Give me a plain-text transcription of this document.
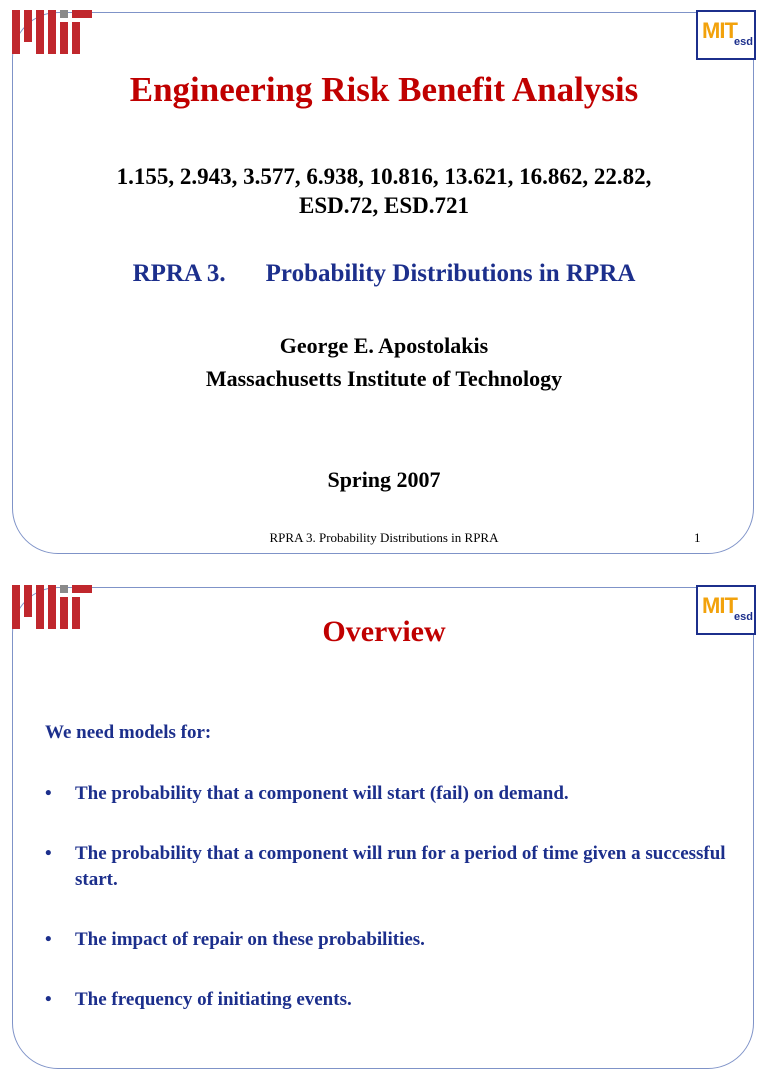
MIT
esd
Engineering Risk Benefit Analysis
1.155, 2.943, 3.577, 6.938, 10.816, 13.621, 16.862, 22.82,
ESD.72, ESD.721
RPRA 3. Probability Distributions in RPRA
George E. Apostolakis
Massachusetts Institute of Technology
Spring 2007
RPRA 3. Probability Distributions in RPRA	1
MIT
esd
Overview
We need models for:
• The probability that a component will start (fail) on demand.
• The probability that a component will run for a period of time given a successful start.
• The impact of repair on these probabilities.
• The frequency of initiating events.
